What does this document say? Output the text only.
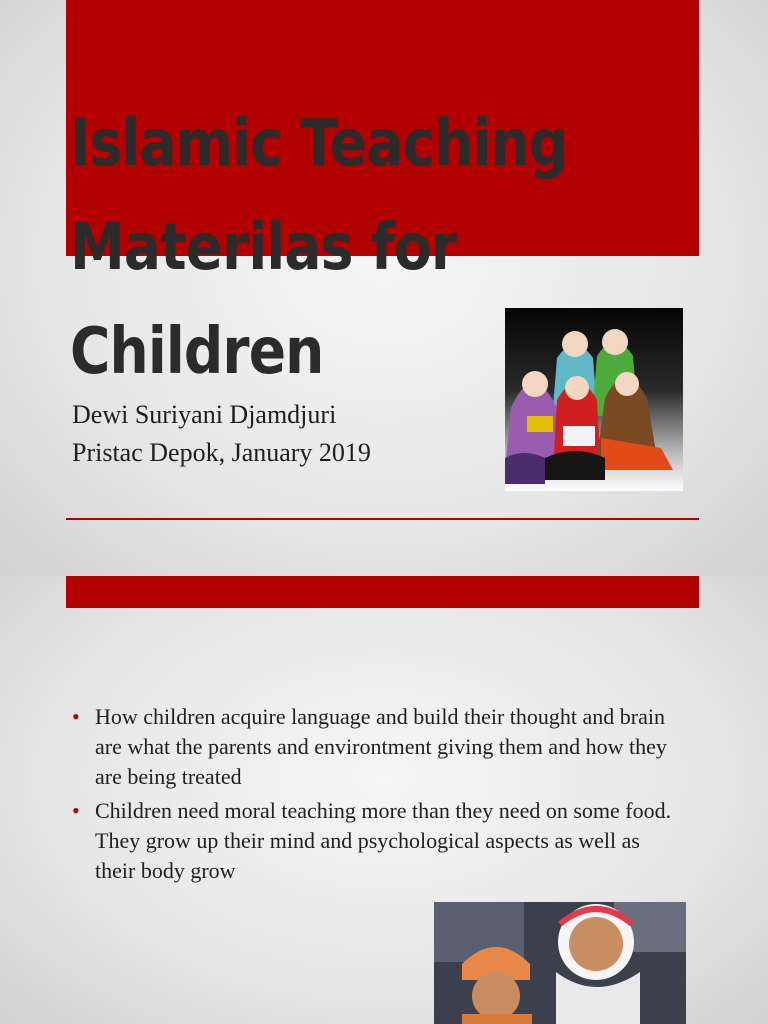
Islamic Teaching
Materilas for
Children

Dewi Suriyani Djamdjuri
Pristac Depok, January 2019

• How children acquire language and build their thought and brain are what the parents and environtment giving them and how they are being treated
• Children need moral teaching more than they need on some food. They grow up their mind and psychological aspects as well as their body grow
